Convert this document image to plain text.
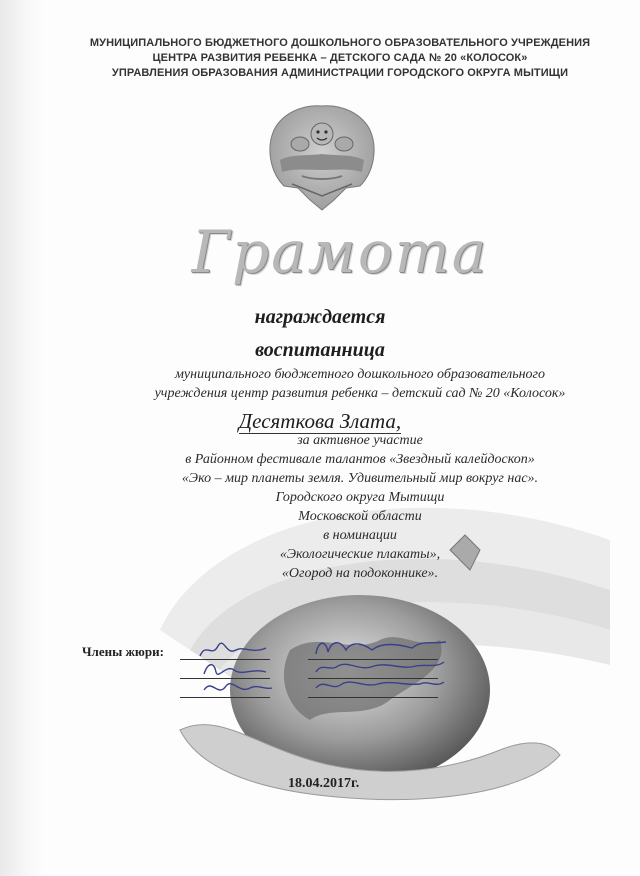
МУНИЦИПАЛЬНОГО БЮДЖЕТНОГО ДОШКОЛЬНОГО ОБРАЗОВАТЕЛЬНОГО УЧРЕЖДЕНИЯ
ЦЕНТРА РАЗВИТИЯ РЕБЕНКА – ДЕТСКОГО САДА № 20 «КОЛОСОК»
УПРАВЛЕНИЯ ОБРАЗОВАНИЯ АДМИНИСТРАЦИИ ГОРОДСКОГО ОКРУГА МЫТИЩИ
Грамота
награждается
воспитанница
муниципального бюджетного дошкольного образовательного
учреждения центр развития ребенка – детский сад № 20 «Колосок»
Десяткова Злата,
за активное участие
в Районном фестивале талантов «Звездный калейдоскоп»
«Эко – мир планеты земля. Удивительный мир вокруг нас».
Городского округа Мытищи
Московской области
в номинации
«Экологические плакаты»,
«Огород на подоконнике».
Члены жюри:
18.04.2017г.
